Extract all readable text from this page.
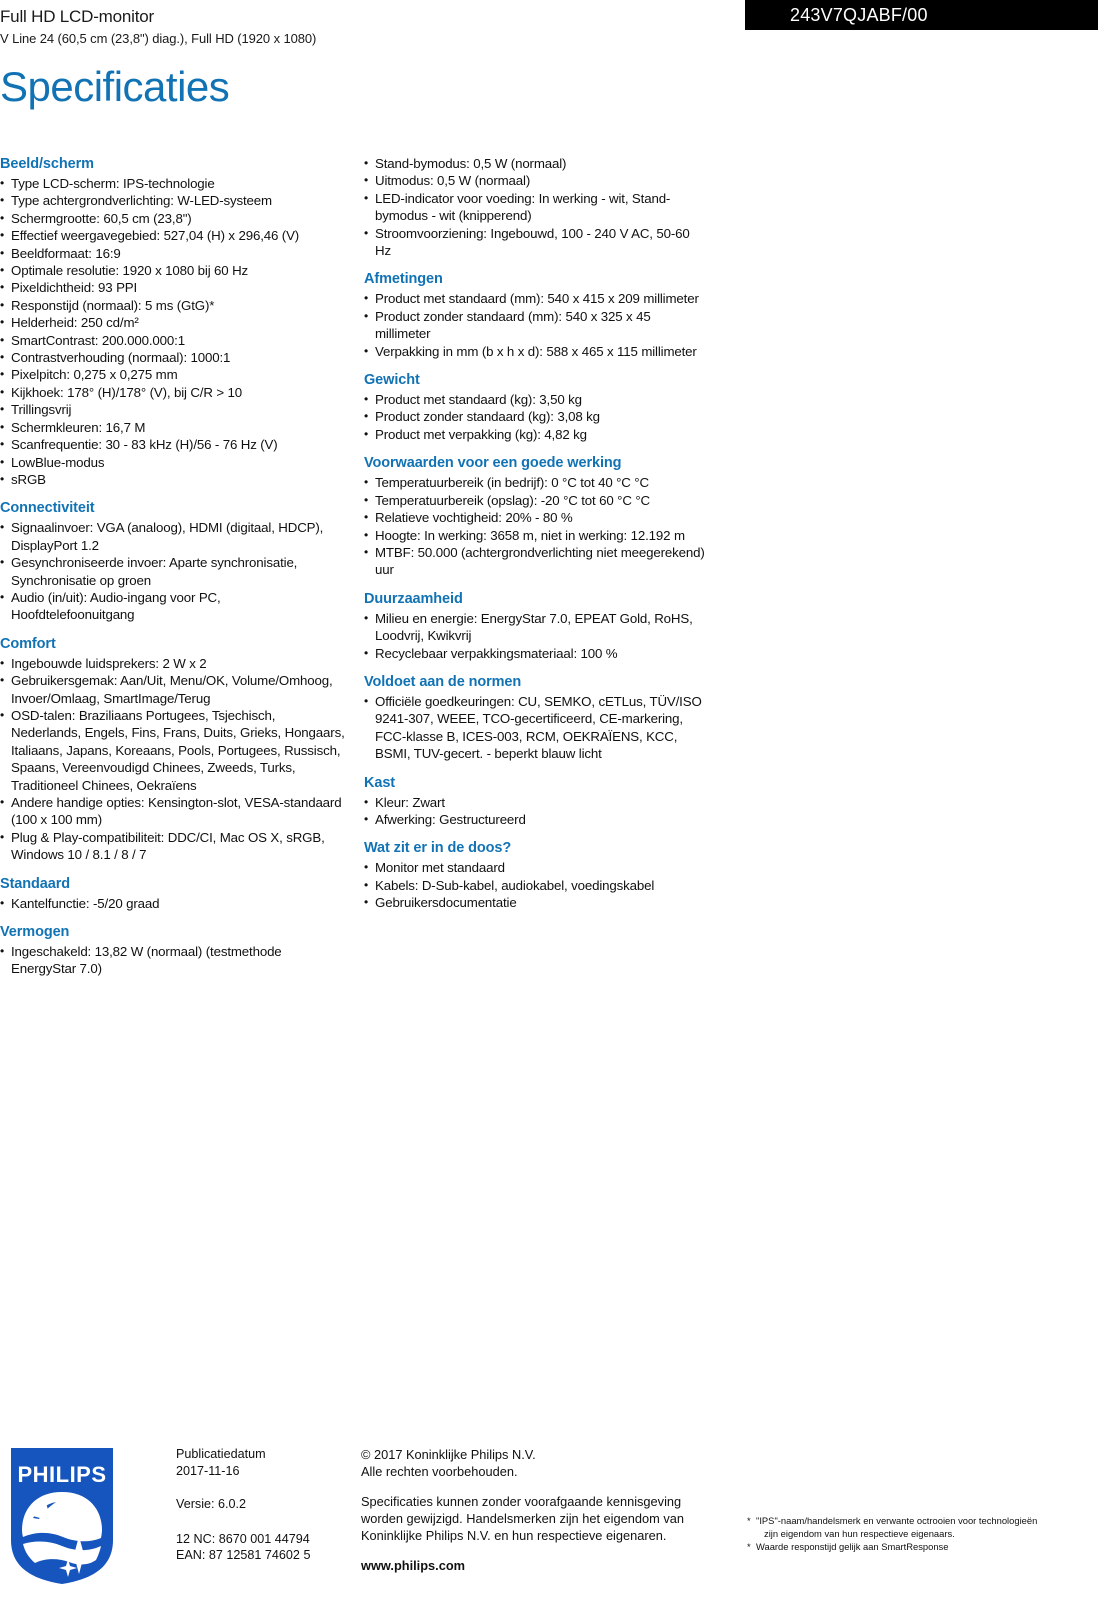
Full HD LCD-monitor
V Line 24 (60,5 cm (23,8") diag.), Full HD (1920 x 1080)
243V7QJABF/00
Specificaties
Beeld/scherm
• Type LCD-scherm: IPS-technologie
• Type achtergrondverlichting: W-LED-systeem
• Schermgrootte: 60,5 cm (23,8")
• Effectief weergavegebied: 527,04 (H) x 296,46 (V)
• Beeldformaat: 16:9
• Optimale resolutie: 1920 x 1080 bij 60 Hz
• Pixeldichtheid: 93 PPI
• Responstijd (normaal): 5 ms (GtG)*
• Helderheid: 250 cd/m²
• SmartContrast: 200.000.000:1
• Contrastverhouding (normaal): 1000:1
• Pixelpitch: 0,275 x 0,275 mm
• Kijkhoek: 178° (H)/178° (V), bij C/R > 10
• Trillingsvrij
• Schermkleuren: 16,7 M
• Scanfrequentie: 30 - 83 kHz (H)/56 - 76 Hz (V)
• LowBlue-modus
• sRGB
Connectiviteit
• Signaalinvoer: VGA (analoog), HDMI (digitaal, HDCP), DisplayPort 1.2
• Gesynchroniseerde invoer: Aparte synchronisatie, Synchronisatie op groen
• Audio (in/uit): Audio-ingang voor PC, Hoofdtelefoonuitgang
Comfort
• Ingebouwde luidsprekers: 2 W x 2
• Gebruikersgemak: Aan/Uit, Menu/OK, Volume/Omhoog, Invoer/Omlaag, SmartImage/Terug
• OSD-talen: Braziliaans Portugees, Tsjechisch, Nederlands, Engels, Fins, Frans, Duits, Grieks, Hongaars, Italiaans, Japans, Koreaans, Pools, Portugees, Russisch, Spaans, Vereenvoudigd Chinees, Zweeds, Turks, Traditioneel Chinees, Oekraïens
• Andere handige opties: Kensington-slot, VESA-standaard (100 x 100 mm)
• Plug & Play-compatibiliteit: DDC/CI, Mac OS X, sRGB, Windows 10 / 8.1 / 8 / 7
Standaard
• Kantelfunctie: -5/20 graad
Vermogen
• Ingeschakeld: 13,82 W (normaal) (testmethode EnergyStar 7.0)
• Stand-bymodus: 0,5 W (normaal)
• Uitmodus: 0,5 W (normaal)
• LED-indicator voor voeding: In werking - wit, Stand-bymodus - wit (knipperend)
• Stroomvoorziening: Ingebouwd, 100 - 240 V AC, 50-60 Hz
Afmetingen
• Product met standaard (mm): 540 x 415 x 209 millimeter
• Product zonder standaard (mm): 540 x 325 x 45 millimeter
• Verpakking in mm (b x h x d): 588 x 465 x 115 millimeter
Gewicht
• Product met standaard (kg): 3,50 kg
• Product zonder standaard (kg): 3,08 kg
• Product met verpakking (kg): 4,82 kg
Voorwaarden voor een goede werking
• Temperatuurbereik (in bedrijf): 0 °C tot 40 °C °C
• Temperatuurbereik (opslag): -20 °C tot 60 °C °C
• Relatieve vochtigheid: 20% - 80 %
• Hoogte: In werking: 3658 m, niet in werking: 12.192 m
• MTBF: 50.000 (achtergrondverlichting niet meegerekend) uur
Duurzaamheid
• Milieu en energie: EnergyStar 7.0, EPEAT Gold, RoHS, Loodvrij, Kwikvrij
• Recyclebaar verpakkingsmateriaal: 100 %
Voldoet aan de normen
• Officiële goedkeuringen: CU, SEMKO, cETLus, TÜV/ISO 9241-307, WEEE, TCO-gecertificeerd, CE-markering, FCC-klasse B, ICES-003, RCM, OEKRAÏENS, KCC, BSMI, TUV-gecert. - beperkt blauw licht
Kast
• Kleur: Zwart
• Afwerking: Gestructureerd
Wat zit er in de doos?
• Monitor met standaard
• Kabels: D-Sub-kabel, audiokabel, voedingskabel
• Gebruikersdocumentatie
PHILIPS
Publicatiedatum
2017-11-16
Versie: 6.0.2
12 NC: 8670 001 44794
EAN: 87 12581 74602 5

© 2017 Koninklijke Philips N.V.

Alle rechten voorbehouden.

Specificaties kunnen zonder voorafgaande kennisgeving worden gewijzigd. Handelsmerken zijn het eigendom van Koninklijke Philips N.V. en hun respectieve eigenaren.

www.philips.com

* "IPS"-naam/handelsmerk en verwante octrooien voor technologieën
zijn eigendom van hun respectieve eigenaars.
* Waarde responstijd gelijk aan SmartResponse
